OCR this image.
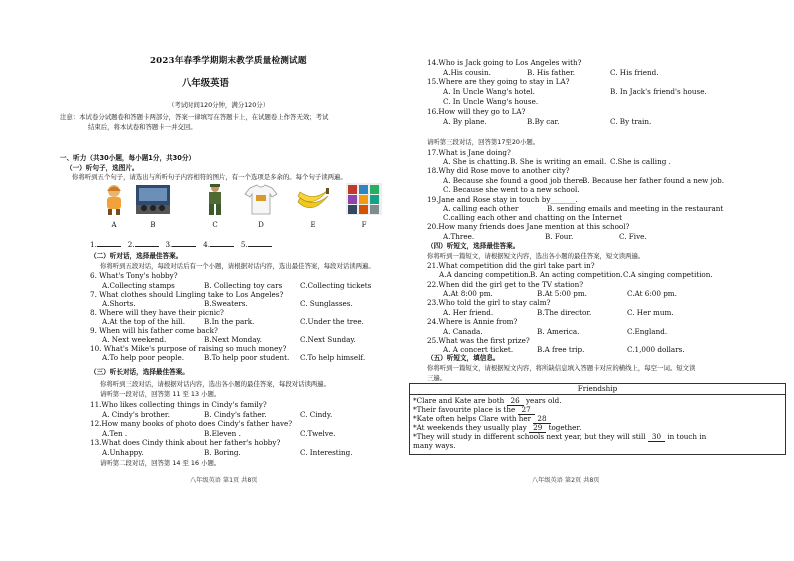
2023年春季学期期末教学质量检测试题
八年级英语
（考试时间120分钟，满分120分）
注意：本试卷分试题卷和答题卡两部分，答案一律填写在答题卡上，在试题卷上作答无效；考试
结束后，将本试卷和答题卡一并交回。
一、听力（共30小题，每小题1分，共30分）
（一）听句子，选图片。
你将听到五个句子，请选出与所听句子内容相符的图片，有一个选项是多余的。每个句子读两遍。
A	B	C	D	E	F
1.	2.	3.	4.	5.
（二）听对话，选择最佳答案。
你将听到五段对话，每段对话后有一个小题，请根据对话内容，选出最佳答案，每段对话读两遍。
6. What's Tony's hobby?
A.Collecting stamps	B. Collecting toy cars C.Collecting tickets
7. What clothes should Lingling take to Los Angeles?
A.Shorts.	B.Sweaters.	C. Sunglasses.
8. Where will they have their picnic?
A.At the top of the hill.	B.In the park.	C.Under the tree.
9. When will his father come back?
A. Next weekend.	B.Next Monday.	C.Next Sunday.
10. What's Mike's purpose of raising so much money?
A.To help poor people.	B.To help poor student. C.To help himself.
（三）听长对话，选择最佳答案。
你将听到三段对话，请根据对话内容，选出各小题的最佳答案，每段对话读两遍。
请听第一段对话，回答第 11 至 13 小题。
11.Who likes collecting things in Cindy's family?
A. Cindy's brother.	B. Cindy's father.	C. Cindy.
12.How many books of photo does Cindy's father have?
A.Ten .	B.Eleven .	C.Twelve.
13.What does Cindy think about her father's hobby?
A.Unhappy.	B. Boring.	C. Interesting.
请听第二段对话，回答第 14 至 16 小题。
八年级英语 第1页 共8页
14.Who is Jack going to Los Angeles with?
A.His cousin.	B. His father.	C. His friend.
15.Where are they going to stay in LA?
A. In Uncle Wang's hotel.	B. In Jack's friend's house.
C. In Uncle Wang's house.
16.How will they go to LA?
A. By plane.	B.By car.	C. By train.
请听第三段对话，回答第17至20小题。
17.What is Jane doing?
A. She is chatting. B. She is writing an email. C.She is calling .
18.Why did Rose move to another city?
A. Because she found a good job there.
B. Because her father found a new job.
C. Because she went to a new school.
19.Jane and Rose stay in touch by_______.
A. calling each other	B. sending emails and meeting in the restaurant
C.calling each other and chatting on the Internet
20.How many friends does Jane mention at this school?
A.Three.	B. Four.	C. Five.
（四）听短文，选择最佳答案。
你将听到一篇短文，请根据短文内容，选出各小题的最佳答案，短文读两遍。
21.What competition did the girl take part in?
A.A dancing competition. B. An acting competition. C.A singing competition.
22.When did the girl get to the TV station?
A.At 8:00 pm.	B.At 5:00 pm.	C.At 6:00 pm.
23.Who told the girl to stay calm?
A. Her friend.	B.The director.	C. Her mum.
24.Where is Annie from?
A. Canada.	B. America.	C.England.
25.What was the first prize?
A. A concert ticket.	B.A free trip.	C.1,000 dollars.
（五）听短文，填信息。
你将听到一篇短文，请根据短文内容，将所缺信息填入答题卡对应的横线上，每空一词。短文读
三遍。
Friendship
*Clare and Kate are both 26 years old.
*Their favourite place is the 27
*Kate often helps Clare with her 28
*At weekends they usually play 29 together.
*They will study in different schools next year, but they will still 30 in touch in
many ways.
八年级英语 第2页 共8页
